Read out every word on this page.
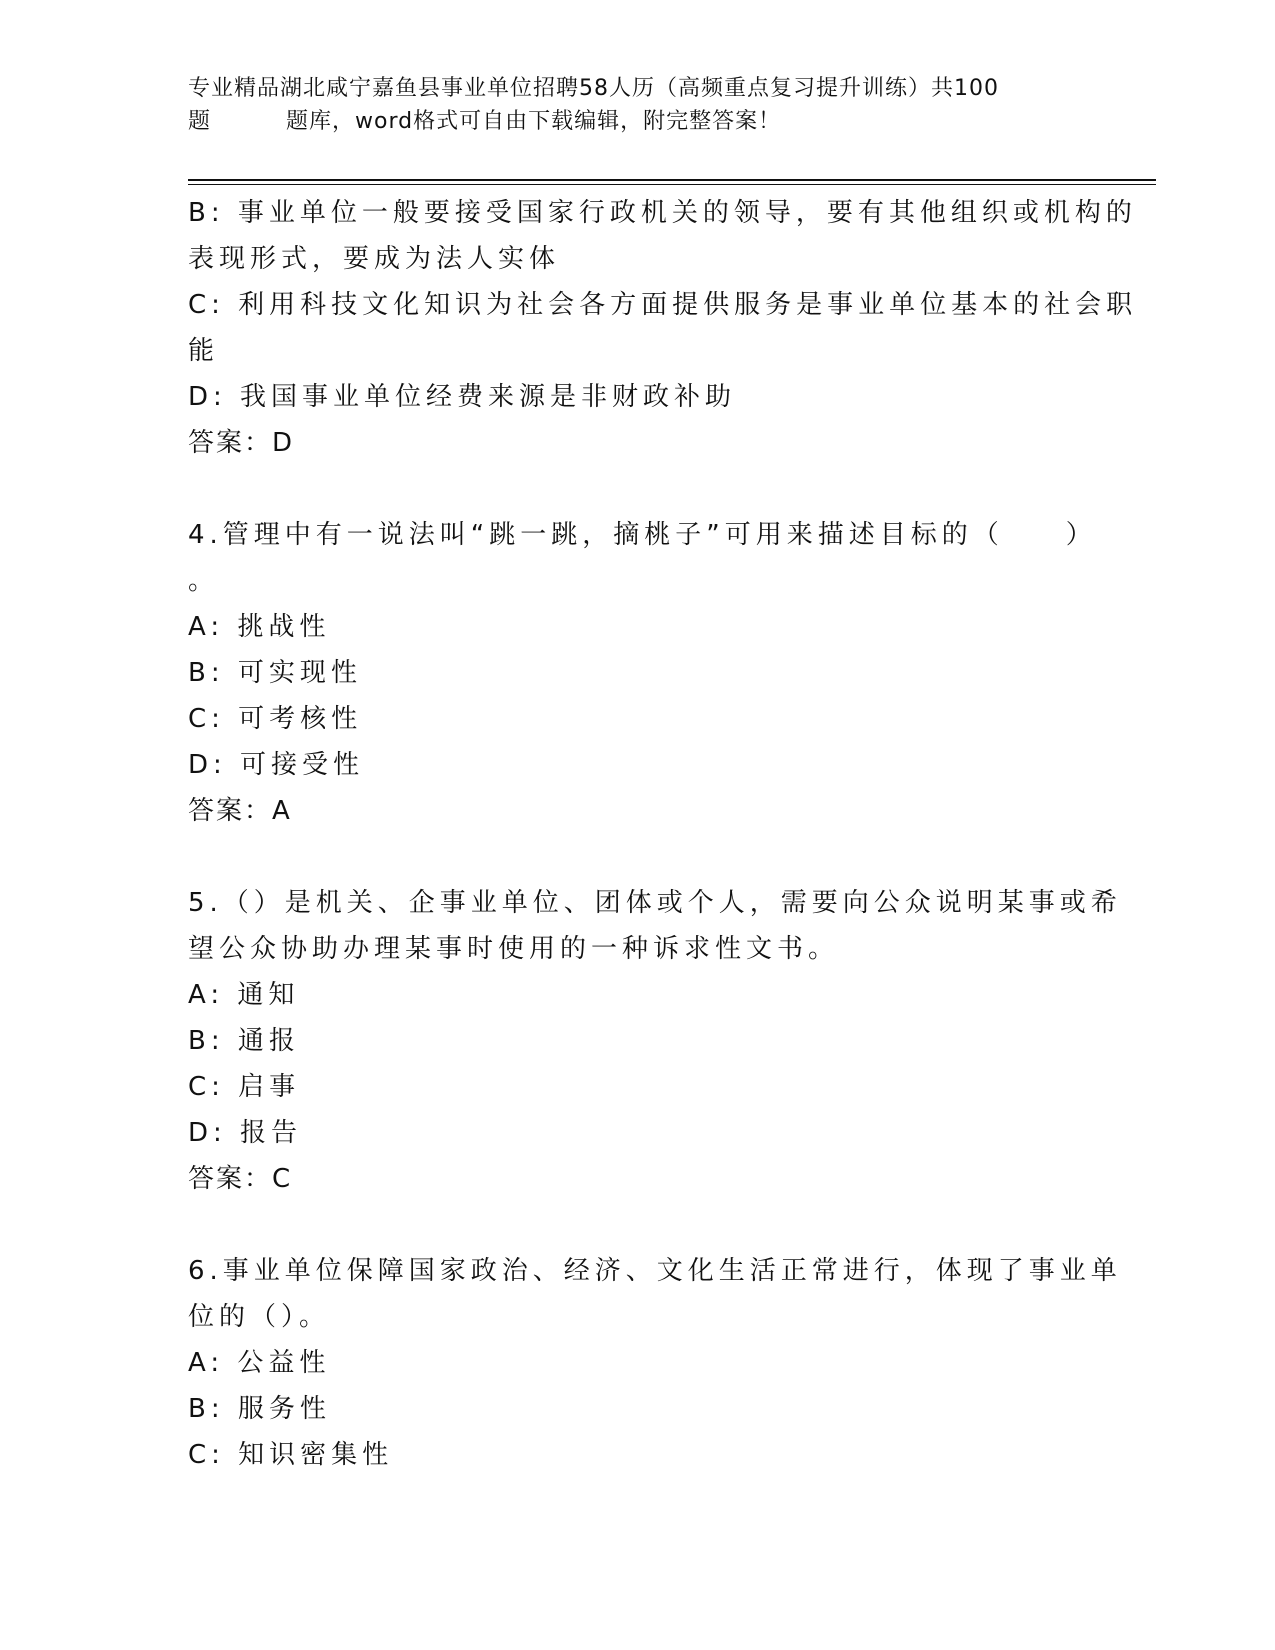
专业精品湖北咸宁嘉鱼县事业单位招聘58人历（高频重点复习提升训练）共100
题	题库，word格式可自由下载编辑，附完整答案！
B: 事业单位一般要接受国家行政机关的领导，要有其他组织或机构的
表现形式，要成为法人实体
C: 利用科技文化知识为社会各方面提供服务是事业单位基本的社会职
能
D: 我国事业单位经费来源是非财政补助
答案：D
4.管理中有一说法叫“跳一跳，摘桃子”可用来描述目标的（　　）
。
A: 挑战性
B: 可实现性
C: 可考核性
D: 可接受性
答案：A
5.（）是机关、企事业单位、团体或个人，需要向公众说明某事或希
望公众协助办理某事时使用的一种诉求性文书。
A: 通知
B: 通报
C: 启事
D: 报告
答案：C
6.事业单位保障国家政治、经济、文化生活正常进行，体现了事业单
位的（）。
A: 公益性
B: 服务性
C: 知识密集性
